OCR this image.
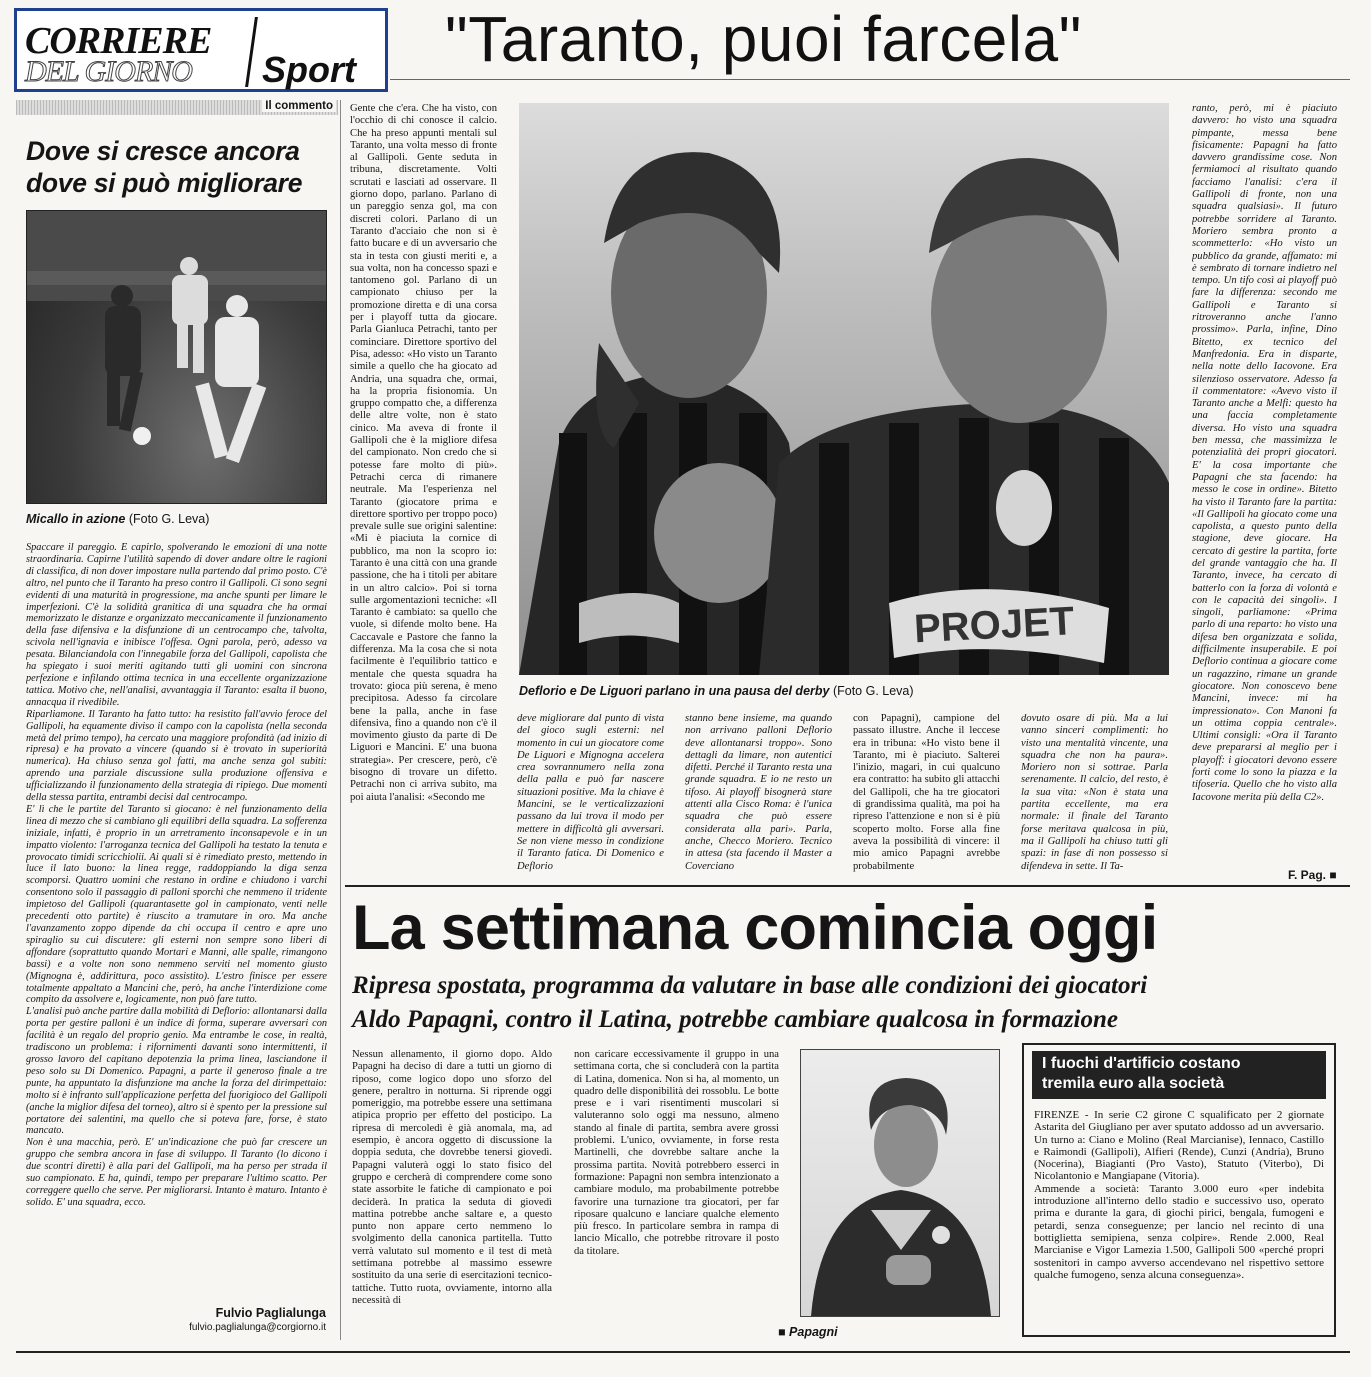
CORRIERE
DEL GIORNO Sport "Taranto, puoi farcela"
Il commento
Dove si cresce ancora
dove si può migliorare
Micallo in azione (Foto G. Leva)

Spaccare il pareggio. E capirlo, spolverando le emozioni di una notte straordinaria. Capirne l'utilità sapendo di dover andare oltre le ragioni di classifica, di non dover impostare nulla partendo dal primo posto. C'è altro, nel punto che il Taranto ha preso contro il Gallipoli. Ci sono segni evidenti di una maturità in progressione, ma anche spunti per limare le imperfezioni. C'è la solidità granitica di una squadra che ha ormai memorizzato le distanze e organizzato meccanicamente il funzionamento della fase difensiva e la disfunzione di un centrocampo che, talvolta, scivola nell'ignavia e inibisce l'offesa. Ogni parola, però, adesso va pesata. Bilanciandola con l'innegabile forza del Gallipoli, capolista che ha spiegato i suoi meriti agitando tutti gli uomini con sincrona perfezione e infilando ottima tecnica in una eccellente organizzazione tattica. Motivo che, nell'analisi, avvantaggia il Taranto: esalta il buono, annacqua il rivedibile.

Riparliamone. Il Taranto ha fatto tutto: ha resistito fall'avvio feroce del Gallipoli, ha equamente diviso il campo con la capolista (nella seconda metà del primo tempo), ha cercato una maggiore profondità (ad inizio di ripresa) e ha provato a vincere (quando si è trovato in superiorità numerica). Ha chiuso senza gol fatti, ma anche senza gol subiti: aprendo una parziale discussione sulla produzione offensiva e ufficializzando il funzionamento della strategia di ripiego. Due momenti della stessa partita, entrambi decisi dal centrocampo.

E' lì che le partite del Taranto si giocano: è nel funzionamento della linea di mezzo che si cambiano gli equilibri della squadra. La sofferenza iniziale, infatti, è proprio in un arretramento inconsapevole e in un impatto violento: l'arroganza tecnica del Gallipoli ha testato la tenuta e provocato timidi scricchiolii. Ai quali si è rimediato presto, mettendo in luce il lato buono: la linea regge, raddoppiando la diga senza scomporsi. Quattro uomini che restano in ordine e chiudono i varchi consentono solo il passaggio di palloni sporchi che nemmeno il tridente impietoso del Gallipoli (quarantasette gol in campionato, venti nelle precedenti otto partite) è riuscito a tramutare in oro. Ma anche l'avanzamento zoppo dipende da chi occupa il centro e apre uno spiraglio su cui discutere: gli esterni non sempre sono liberi di affondare (soprattutto quando Mortari e Manni, alle spalle, rimangono bassi) e a volte non sono nemmeno serviti nel momento giusto (Mignogna è, addirittura, poco assistito). L'estro finisce per essere totalmente appaltato a Mancini che, però, ha anche l'interdizione come compito da assolvere e, logicamente, non può fare tutto.

L'analisi può anche partire dalla mobilità di Deflorio: allontanarsi dalla porta per gestire palloni è un indice di forma, superare avversari con facilità è un regalo del proprio genio. Ma entrambe le cose, in realtà, tradiscono un problema: i rifornimenti davanti sono intermittenti, il grosso lavoro del capitano depotenzia la prima linea, lasciandone il peso solo su Di Domenico. Papagni, a parte il generoso finale a tre punte, ha appuntato la disfunzione ma anche la forza del dirimpettaio: molto si è infranto sull'applicazione perfetta del fuorigioco del Gallipoli (anche la miglior difesa del torneo), altro si è spento per la pressione sul portatore dei salentini, ma quello che si poteva fare, forse, è stato mancato.

Non è una macchia, però. E' un'indicazione che può far crescere un gruppo che sembra ancora in fase di sviluppo. Il Taranto (lo dicono i due scontri diretti) è alla pari del Gallipoli, ma ha perso per strada il suo campionato. E ha, quindi, tempo per preparare l'ultimo scatto. Per correggere quello che serve. Per migliorarsi. Intanto è maturo. Intanto è solido. E' una squadra, ecco.

Fulvio Paglialunga
fulvio.paglialunga@corgiorno.it
Gente che c'era. Che ha visto, con l'occhio di chi conosce il calcio. Che ha preso appunti mentali sul Taranto, una volta messo di fronte al Gallipoli. Gente seduta in tribuna, discretamente. Volti scrutati e lasciati ad osservare. Il giorno dopo, parlano. Parlano di un pareggio senza gol, ma con discreti colori. Parlano di un Taranto d'acciaio che non si è fatto bucare e di un avversario che sta in testa con giusti meriti e, a sua volta, non ha concesso spazi e tantomeno gol. Parlano di un campionato chiuso per la promozione diretta e di una corsa per i playoff tutta da giocare. Parla Gianluca Petrachi, tanto per cominciare. Direttore sportivo del Pisa, adesso: «Ho visto un Taranto simile a quello che ha giocato ad Andria, una squadra che, ormai, ha la propria fisionomia. Un gruppo compatto che, a differenza delle altre volte, non è stato cinico. Ma aveva di fronte il Gallipoli che è la migliore difesa del campionato. Non credo che si potesse fare molto di più». Petrachi cerca di rimanere neutrale. Ma l'esperienza nel Taranto (giocatore prima e direttore sportivo per troppo poco) prevale sulle sue origini salentine: «Mi è piaciuta la cornice di pubblico, ma non la scopro io: Taranto è una città con una grande passione, che ha i titoli per abitare in un altro calcio». Poi si torna sulle argomentazioni tecniche: «Il Taranto è cambiato: sa quello che vuole, si difende molto bene. Ha Caccavale e Pastore che fanno la differenza. Ma la cosa che si nota facilmente è l'equilibrio tattico e mentale che questa squadra ha trovato: gioca più serena, è meno precipitosa. Adesso fa circolare bene la palla, anche in fase difensiva, fino a quando non c'è il movimento giusto da parte di De Liguori e Mancini. E' una buona strategia». Per crescere, però, c'è bisogno di trovare un difetto. Petrachi non ci arriva subito, ma poi aiuta l'analisi: «Secondo me
PROJET
Deflorio e De Liguori parlano in una pausa del derby (Foto G. Leva)
deve migliorare dal punto di vista del gioco sugli esterni: nel momento in cui un giocatore come De Liguori e Mignogna accelera crea sovrannumero nella zona della palla e può far nascere situazioni positive. Ma la chiave è Mancini, se le verticalizzazioni passano da lui trova il modo per mettere in difficoltà gli avversari. Se non viene messo in condizione il Taranto fatica. Di Domenico e Deflorio
stanno bene insieme, ma quando non arrivano palloni Deflorio deve allontanarsi troppo». Sono dettagli da limare, non autentici difetti. Perché il Taranto resta una grande squadra. E io ne resto un tifoso. Ai playoff bisognerà stare attenti alla Cisco Roma: è l'unica squadra che può essere considerata alla pari». Parla, anche, Checco Moriero. Tecnico in attesa (sta facendo il Master a Coverciano
con Papagni), campione del passato illustre. Anche il leccese era in tribuna: «Ho visto bene il Taranto, mi è piaciuto. Salterei l'inizio, magari, in cui qualcuno era contratto: ha subito gli attacchi del Gallipoli, che ha tre giocatori di grandissima qualità, ma poi ha ripreso l'attenzione e non si è più scoperto molto. Forse alla fine aveva la possibilità di vincere: il mio amico Papagni avrebbe probabilmente
dovuto osare di più. Ma a lui vanno sinceri complimenti: ho visto una mentalità vincente, una squadra che non ha paura». Moriero non si sottrae. Parla serenamente. Il calcio, del resto, è la sua vita: «Non è stata una partita eccellente, ma era normale: il finale del Taranto forse meritava qualcosa in più, ma il Gallipoli ha chiuso tutti gli spazi: in fase di non possesso si difendeva in sette. Il Ta-
ranto, però, mi è piaciuto davvero: ho visto una squadra pimpante, messa bene fisicamente: Papagni ha fatto davvero grandissime cose. Non fermiamoci al risultato quando facciamo l'analisi: c'era il Gallipoli di fronte, non una squadra qualsiasi». Il futuro potrebbe sorridere al Taranto. Moriero sembra pronto a scommetterlo: «Ho visto un pubblico da grande, affamato: mi è sembrato di tornare indietro nel tempo. Un tifo così ai playoff può fare la differenza: secondo me Gallipoli e Taranto si ritroveranno anche l'anno prossimo». Parla, infine, Dino Bitetto, ex tecnico del Manfredonia. Era in disparte, nella notte dello Iacovone. Era silenzioso osservatore. Adesso fa il commentatore: «Avevo visto il Taranto anche a Melfi: questo ha una faccia completamente diversa. Ho visto una squadra ben messa, che massimizza le potenzialità dei propri giocatori. E' la cosa importante che Papagni che sta facendo: ha messo le cose in ordine». Bitetto ha visto il Taranto fare la partita: «Il Gallipoli ha giocato come una capolista, a questo punto della stagione, deve giocare. Ha cercato di gestire la partita, forte del grande vantaggio che ha. Il Taranto, invece, ha cercato di batterlo con la forza di volontà e con le capacità dei singoli». I singoli, parliamone: «Prima parlo di una reparto: ho visto una difesa ben organizzata e solida, difficilmente insuperabile. E poi Deflorio continua a giocare come un ragazzino, rimane un grande giocatore. Non conoscevo bene Mancini, invece: mi ha impressionato». Con Manoni fa un ottima coppia centrale». Ultimi consigli: «Ora il Taranto deve prepararsi al meglio per i playoff: i giocatori devono essere forti come lo sono la piazza e la tifoseria. Quello che ho visto alla Iacovone merita più della C2».
F. Pag. ■
La settimana comincia oggi
Ripresa spostata, programma da valutare in base alle condizioni dei giocatori
Aldo Papagni, contro il Latina, potrebbe cambiare qualcosa in formazione
Nessun allenamento, il giorno dopo. Aldo Papagni ha deciso di dare a tutti un giorno di riposo, come logico dopo uno sforzo del genere, peraltro in notturna. Si riprende oggi pomeriggio, ma potrebbe essere una settimana atipica proprio per effetto del posticipo. La ripresa di mercoledì è già anomala, ma, ad esempio, è ancora oggetto di discussione la doppia seduta, che dovrebbe tenersi giovedì. Papagni valuterà oggi lo stato fisico del gruppo e cercherà di comprendere come sono state assorbite le fatiche di campionato e poi deciderà. In pratica la seduta di giovedì mattina potrebbe anche saltare e, a questo punto non appare certo nemmeno lo svolgimento della canonica partitella. Tutto verrà valutato sul momento e il test di metà settimana potrebbe al massimo essewre sostituito da una serie di esercitazioni tecnico-tattiche. Tutto ruota, ovviamente, intorno alla necessità di
non caricare eccessivamente il gruppo in una settimana corta, che si concluderà con la partita di Latina, domenica. Non si ha, al momento, un quadro delle disponibilità dei rossoblu. Le botte prese e i vari risentimenti muscolari si valuteranno solo oggi ma nessuno, almeno stando al finale di partita, sembra avere grossi problemi. L'unico, ovviamente, in forse resta Martinelli, che dovrebbe saltare anche la prossima partita. Novità potrebbero esserci in formazione: Papagni non sembra intenzionato a cambiare modulo, ma probabilmente potrebbe favorire una turnazione tra giocatori, per far riposare qualcuno e lanciare qualche elemento più fresco. In particolare sembra in rampa di lancio Micallo, che potrebbe ritrovare il posto da titolare.
■ Papagni
I fuochi d'artificio costano
tremila euro alla società

FIRENZE - In serie C2 girone C squalificato per 2 giornate Astarita del Giugliano per aver sputato addosso ad un avversario. Un turno a: Ciano e Molino (Real Marcianise), Iennaco, Castillo e Raimondi (Gallipoli), Alfieri (Rende), Cunzi (Andria), Bruno (Nocerina), Biagianti (Pro Vasto), Statuto (Viterbo), Di Nicolantonio e Mangiapane (Vitoria).

Ammende a società: Taranto 3.000 euro «per indebita introduzione all'interno dello stadio e successivo uso, operato prima e durante la gara, di giochi pirici, bengala, fumogeni e petardi, senza conseguenze; per lancio nel recinto di una bottiglietta semipiena, senza colpire». Rende 2.000, Real Marcianise e Vigor Lamezia 1.500, Gallipoli 500 «perché propri sostenitori in campo avverso accendevano nel rispettivo settore qualche fumogeno, senza alcuna conseguenza».
